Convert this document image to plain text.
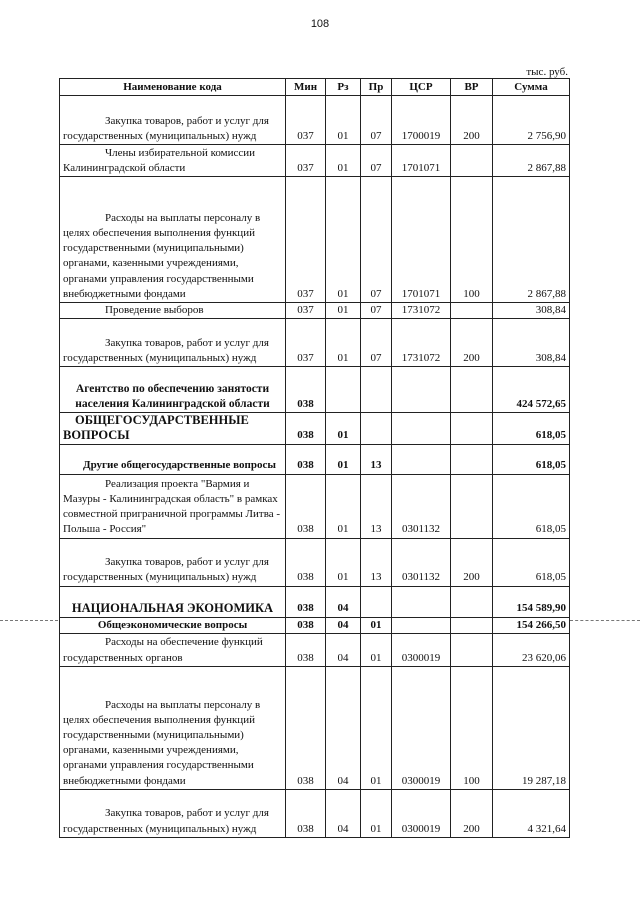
108
тыс. руб.
Наименование кода	Мин	Рз	Пр	ЦСР	ВР	Сумма

Закупка товаров, работ и услуг для государственных (муниципальных) нужд	037	01	07	1700019	200	2 756,90

Члены избирательной комиссии Калининградской области	037	01	07	1701071		2 867,88

Расходы на выплаты персоналу в целях обеспечения выполнения функций государственными (муниципальными) органами, казенными учреждениями, органами управления государственными внебюджетными фондами	037	01	07	1701071	100	2 867,88

Проведение выборов	037	01	07	1731072		308,84

Закупка товаров, работ и услуг для государственных (муниципальных) нужд	037	01	07	1731072	200	308,84

Агентство по обеспечению занятости населения Калининградской области	038					424 572,65

ОБЩЕГОСУДАРСТВЕННЫЕ ВОПРОСЫ	038	01				618,05

Другие общегосударственные вопросы	038	01	13			618,05

Реализация проекта "Вармия и Мазуры - Калининградская область" в рамках совместной приграничной программы Литва - Польша - Россия"	038	01	13	0301132		618,05

Закупка товаров, работ и услуг для государственных (муниципальных) нужд	038	01	13	0301132	200	618,05

НАЦИОНАЛЬНАЯ ЭКОНОМИКА	038	04				154 589,90

Общеэкономические вопросы	038	04	01			154 266,50

Расходы на обеспечение функций государственных органов	038	04	01	0300019		23 620,06

Расходы на выплаты персоналу в целях обеспечения выполнения функций государственными (муниципальными) органами, казенными учреждениями, органами управления государственными внебюджетными фондами	038	04	01	0300019	100	19 287,18

Закупка товаров, работ и услуг для государственных (муниципальных) нужд	038	04	01	0300019	200	4 321,64
